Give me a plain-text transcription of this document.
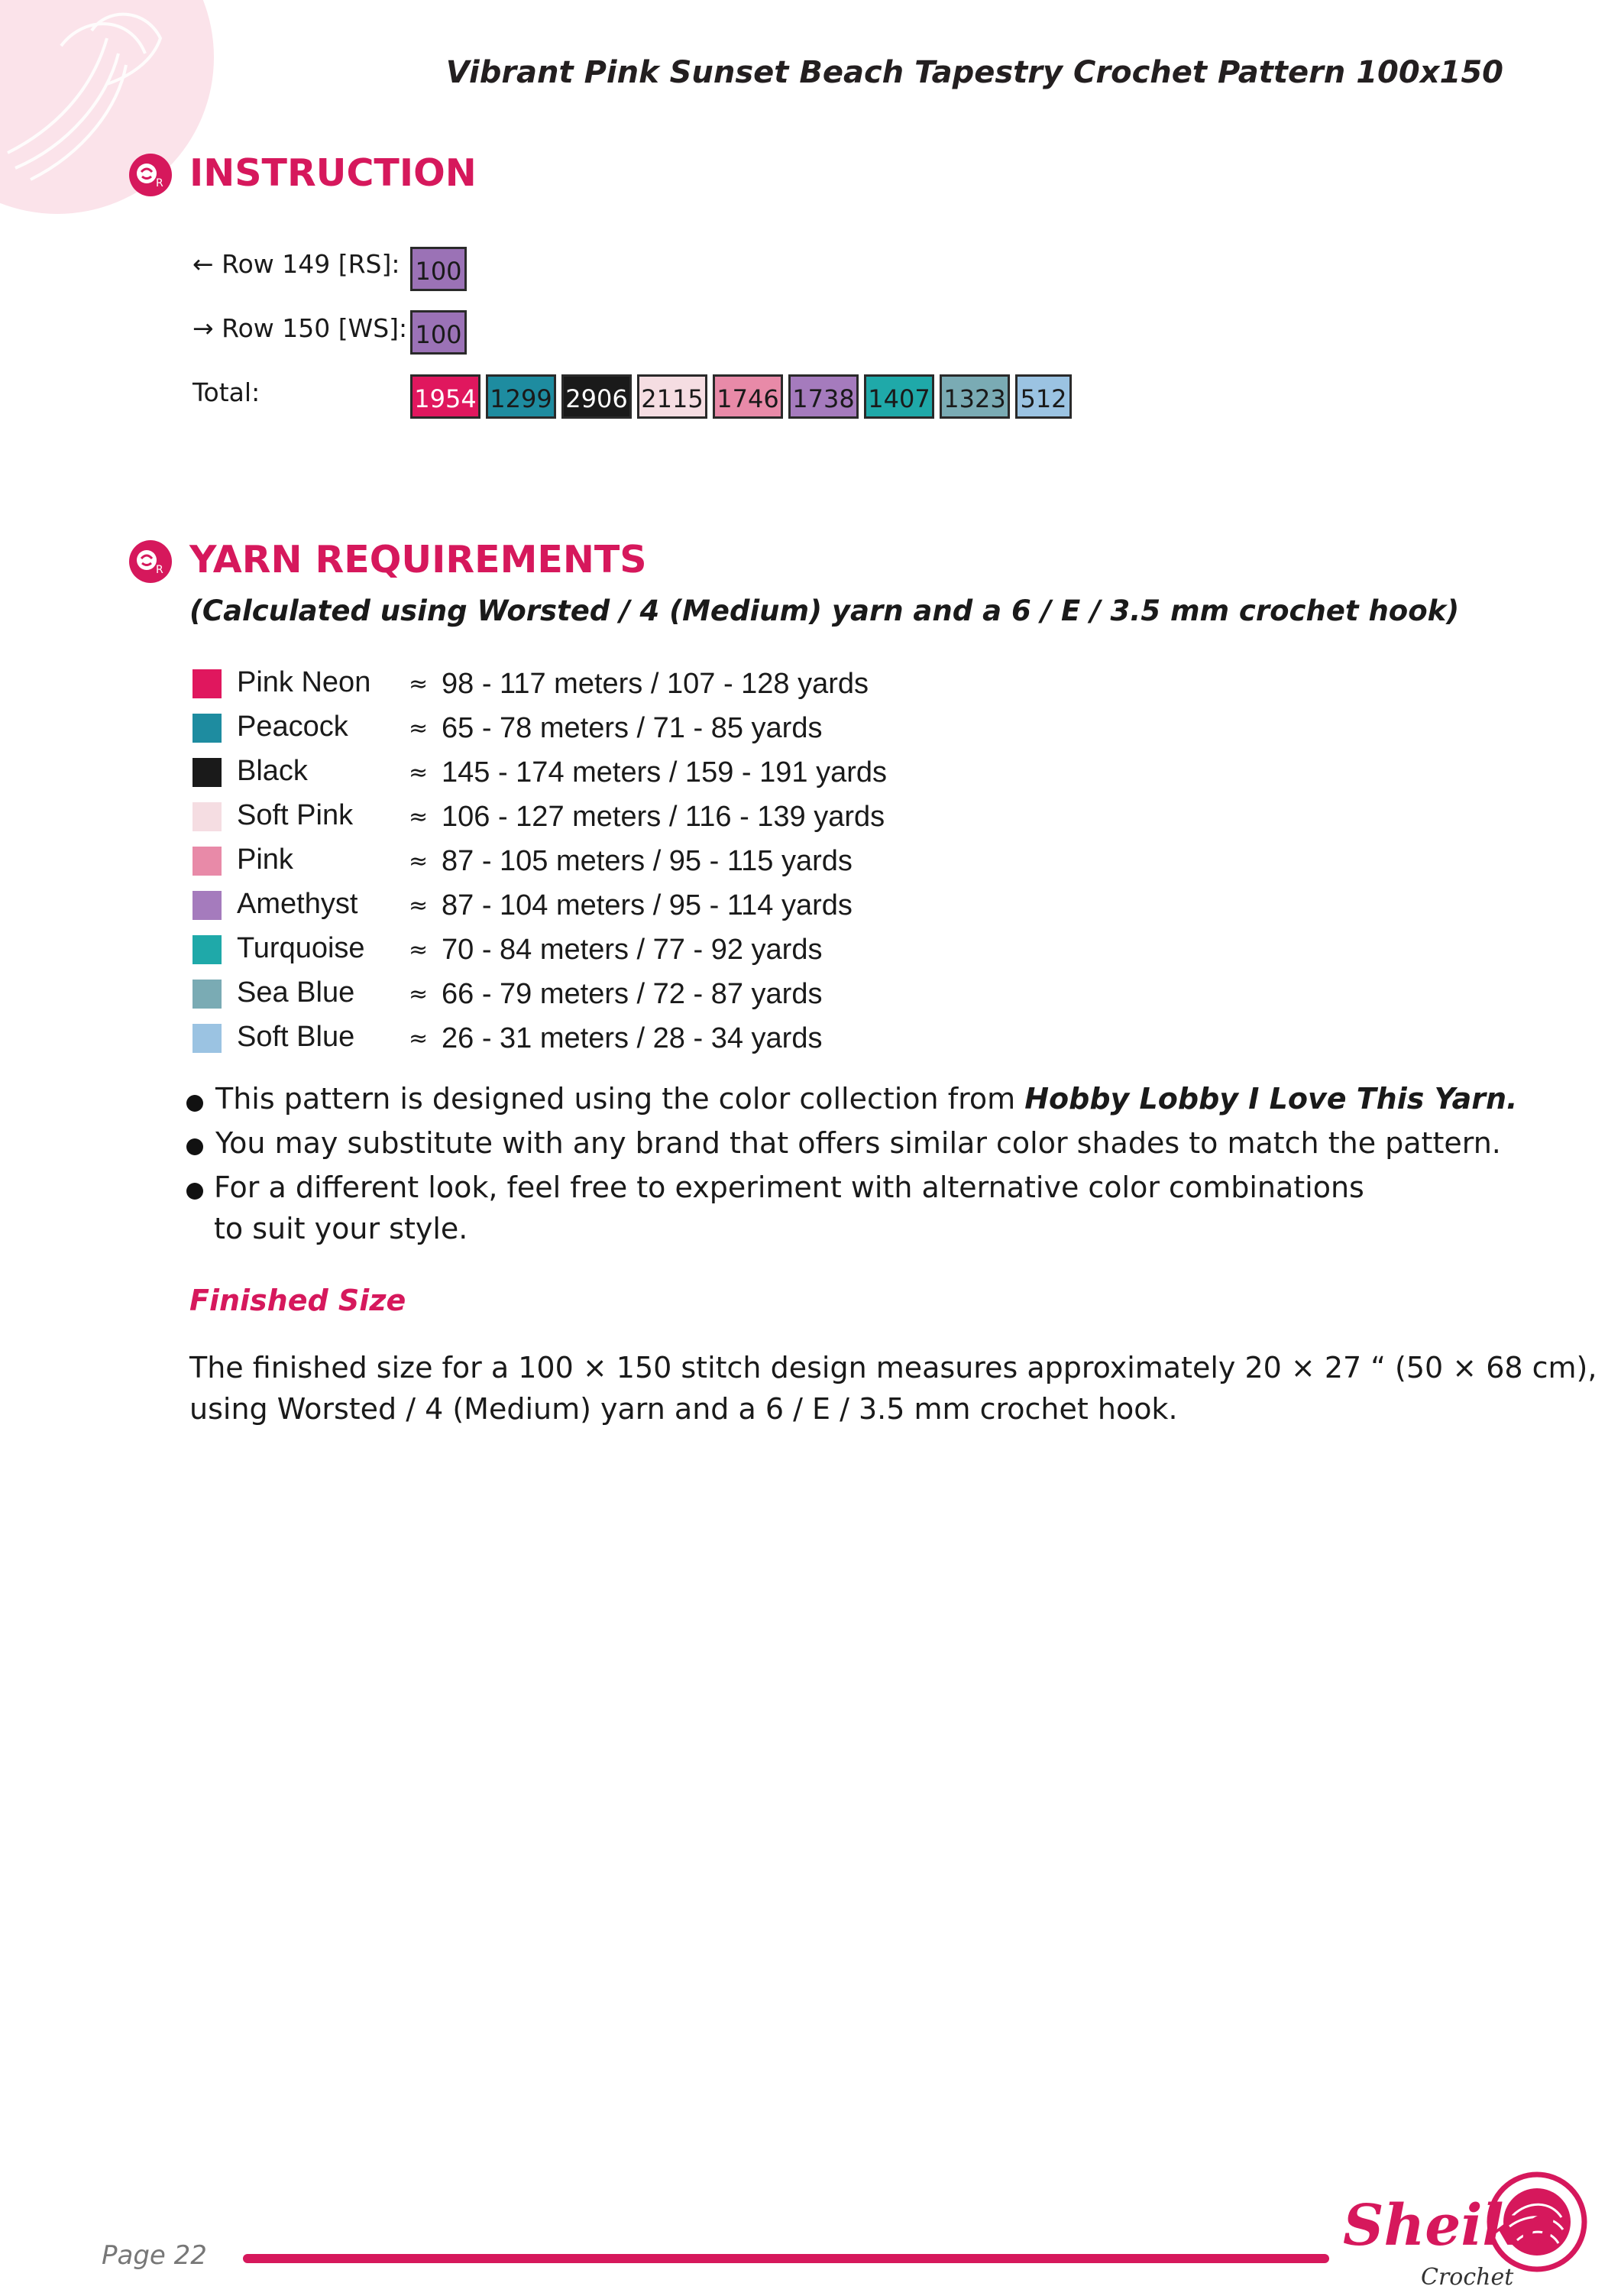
Vibrant Pink Sunset Beach Tapestry Crochet Pattern 100x150
R INSTRUCTION
← Row 149 [RS]: 100
→ Row 150 [WS]: 100
Total:	1954 1299 2906 2115 1746 1738 1407 1323 512
R YARN REQUIREMENTS
(Calculated using Worsted / 4 (Medium) yarn and a 6 / E / 3.5 mm crochet hook)
Pink Neon ≈ 98 - 117 meters / 107 - 128 yards
Peacock	≈ 65 - 78 meters / 71 - 85 yards
Black	≈ 145 - 174 meters / 159 - 191 yards
Soft Pink ≈ 106 - 127 meters / 116 - 139 yards
Pink	≈ 87 - 105 meters / 95 - 115 yards
Amethyst ≈ 87 - 104 meters / 95 - 114 yards
Turquoise ≈ 70 - 84 meters / 77 - 92 yards
Sea Blue ≈ 66 - 79 meters / 72 - 87 yards
Soft Blue ≈ 26 - 31 meters / 28 - 34 yards
This pattern is designed using the color collection from Hobby Lobby I Love This Yarn.
You may substitute with any brand that offers similar color shades to match the pattern.
For a different look, feel free to experiment with alternative color combinations
to suit your style.
Finished Size
The finished size for a 100 × 150 stitch design measures approximately 20 × 27 “ (50 × 68 cm),
using Worsted / 4 (Medium) yarn and a 6 / E / 3.5 mm crochet hook.
Page 22	Sheika
Crochet
